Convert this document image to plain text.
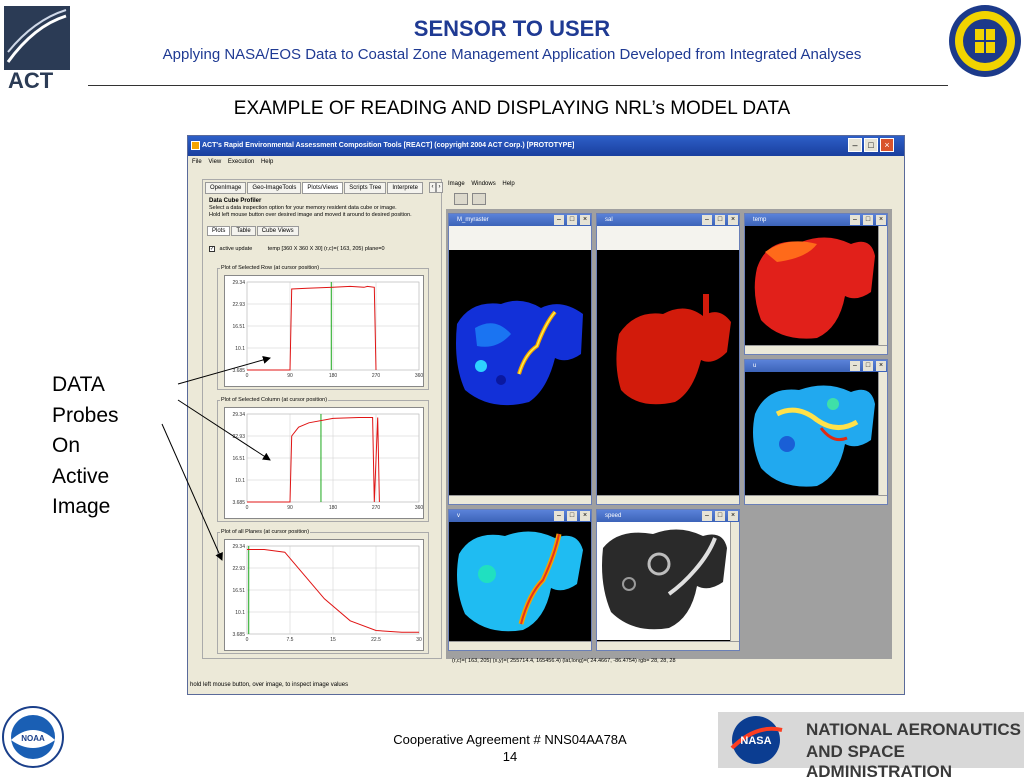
ACT
SENSOR TO USER
Applying NASA/EOS Data to Coastal Zone Management Application Developed from Integrated Analyses
EXAMPLE OF READING AND DISPLAYING NRL’s MODEL DATA
DATA
Probes
On
Active
Image
ACT's Rapid Environmental Assessment Composition Tools [REACT] (copyright 2004 ACT Corp.) [PROTOTYPE]	–	□	×
File View Execution Help
OpenImage	Geo-ImageTools	Plots/Views	Scripts Tree	Interprete	‹ ›
Data Cube Profiler
Select a data inspection option for your memory resident data cube or image.
Hold left mouse button over desired image and moved it around to desired position.
Plots	Table	Cube Views
✓ active update	temp [360 X 360 X 30] (r,c)=( 163, 205) plane=0
Plot of Selected Row (at cursor position)
29.34
22.93
16.51
10.1
3.685
0	90	180	270	360
Plot of Selected Column (at cursor position)
29.34
22.93
16.51
10.1
3.685
0	90	180	270	360
Plot of all Planes (at cursor position)
29.34
22.93
16.51
10.1
3.685
0	7.5	15	22.5	30
Image Windows Help
M_myraster	–	□	×	sal	–	□	×	temp	–	□	×
u	–	□	×
v	–	□	×	speed	–	□	×
(r,c)=( 163, 205) (x,y)=( 255714.4, 165456.4) (lat,long)=( 24.4667, -86.4754) rgb= 28, 28, 28
hold left mouse button, over image, to inspect image values
NOAA	Cooperative Agreement # NNS04AA78A
14
NASA
NATIONAL AERONAUTICS
AND SPACE ADMINISTRATION
